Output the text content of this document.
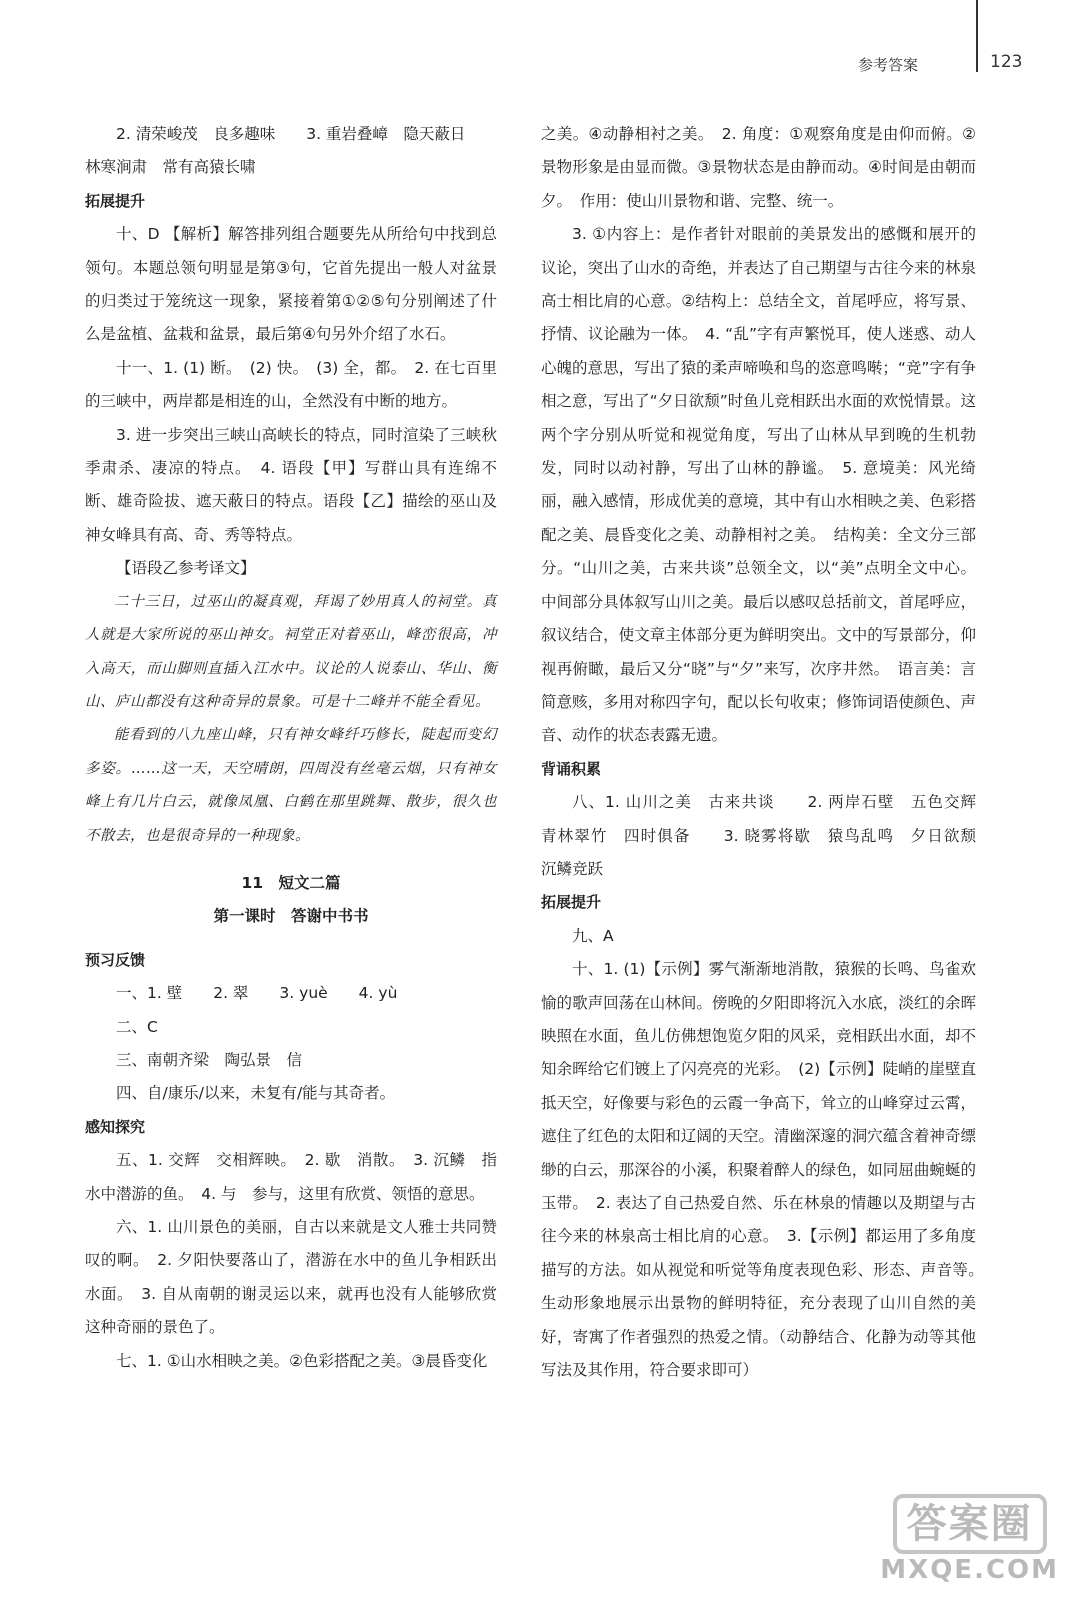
参考答案	123

2. 清荣峻茂　良多趣味　　3. 重岩叠嶂　隐天蔽日

林寒涧肃　常有高猿长啸

拓展提升

十、D 【解析】解答排列组合题要先从所给句中找到总领句。本题总领句明显是第③句，它首先提出一般人对盆景的归类过于笼统这一现象，紧接着第①②⑤句分别阐述了什么是盆植、盆栽和盆景，最后第④句另外介绍了水石。

十一、1. (1) 断。　(2) 快。　(3) 全，都。　2. 在七百里的三峡中，两岸都是相连的山，全然没有中断的地方。

3. 进一步突出三峡山高峡长的特点，同时渲染了三峡秋季肃杀、凄凉的特点。　4. 语段【甲】写群山具有连绵不断、雄奇险拔、遮天蔽日的特点。语段【乙】描绘的巫山及神女峰具有高、奇、秀等特点。

【语段乙参考译文】

二十三日，过巫山的凝真观，拜谒了妙用真人的祠堂。真人就是大家所说的巫山神女。祠堂正对着巫山，峰峦很高，冲入高天，而山脚则直插入江水中。议论的人说泰山、华山、衡山、庐山都没有这种奇异的景象。可是十二峰并不能全看见。

能看到的八九座山峰，只有神女峰纤巧修长，陡起而变幻多姿。……这一天，天空晴朗，四周没有丝毫云烟，只有神女峰上有几片白云，就像凤凰、白鹤在那里跳舞、散步，很久也不散去，也是很奇异的一种现象。

11　短文二篇

第一课时　答谢中书书

预习反馈

一、1. 壁　　2. 翠　　3. yuè　　4. yù

二、C

三、南朝齐梁　陶弘景　信

四、自/康乐/以来，未复有/能与其奇者。

感知探究

五、1. 交辉　交相辉映。　2. 歇　消散。　3. 沉鳞　指水中潜游的鱼。　4. 与　参与，这里有欣赏、领悟的意思。

六、1. 山川景色的美丽，自古以来就是文人雅士共同赞叹的啊。　2. 夕阳快要落山了，潜游在水中的鱼儿争相跃出水面。　3. 自从南朝的谢灵运以来，就再也没有人能够欣赏这种奇丽的景色了。

七、1. ①山水相映之美。②色彩搭配之美。③晨昏变化

之美。④动静相衬之美。　2. 角度：①观察角度是由仰而俯。②景物形象是由显而微。③景物状态是由静而动。④时间是由朝而夕。　作用：使山川景物和谐、完整、统一。

3. ①内容上：是作者针对眼前的美景发出的感慨和展开的议论，突出了山水的奇绝，并表达了自己期望与古往今来的林泉高士相比肩的心意。②结构上：总结全文，首尾呼应，将写景、抒情、议论融为一体。　4. “乱”字有声繁悦耳，使人迷惑、动人心魄的意思，写出了猿的柔声啼唤和鸟的恣意鸣啭；“竞”字有争相之意，写出了“夕日欲颓”时鱼儿竞相跃出水面的欢悦情景。这两个字分别从听觉和视觉角度，写出了山林从早到晚的生机勃发，同时以动衬静，写出了山林的静谧。　5. 意境美：风光绮丽，融入感情，形成优美的意境，其中有山水相映之美、色彩搭配之美、晨昏变化之美、动静相衬之美。　结构美：全文分三部分。“山川之美，古来共谈”总领全文，以“美”点明全文中心。中间部分具体叙写山川之美。最后以感叹总括前文，首尾呼应，叙议结合，使文章主体部分更为鲜明突出。文中的写景部分，仰视再俯瞰，最后又分“晓”与“夕”来写，次序井然。　语言美：言简意赅，多用对称四字句，配以长句收束；修饰词语使颜色、声音、动作的状态表露无遗。

背诵积累

八、1. 山川之美　古来共谈　　2. 两岸石壁　五色交辉　青林翠竹　四时俱备　　3. 晓雾将歇　猿鸟乱鸣　夕日欲颓　沉鳞竞跃

拓展提升

九、A

十、1. (1)【示例】雾气渐渐地消散，猿猴的长鸣、鸟雀欢愉的歌声回荡在山林间。傍晚的夕阳即将沉入水底，淡红的余晖映照在水面，鱼儿仿佛想饱览夕阳的风采，竞相跃出水面，却不知余晖给它们镀上了闪亮亮的光彩。　(2)【示例】陡峭的崖壁直抵天空，好像要与彩色的云霞一争高下，耸立的山峰穿过云霄，遮住了红色的太阳和辽阔的天空。清幽深邃的洞穴蕴含着神奇缥缈的白云，那深谷的小溪，积聚着醉人的绿色，如同屈曲蜿蜒的玉带。　2. 表达了自己热爱自然、乐在林泉的情趣以及期望与古往今来的林泉高士相比肩的心意。　3.【示例】都运用了多角度描写的方法。如从视觉和听觉等角度表现色彩、形态、声音等。　生动形象地展示出景物的鲜明特征，充分表现了山川自然的美好，寄寓了作者强烈的热爱之情。（动静结合、化静为动等其他写法及其作用，符合要求即可）

答案圈
MXQE.COM
